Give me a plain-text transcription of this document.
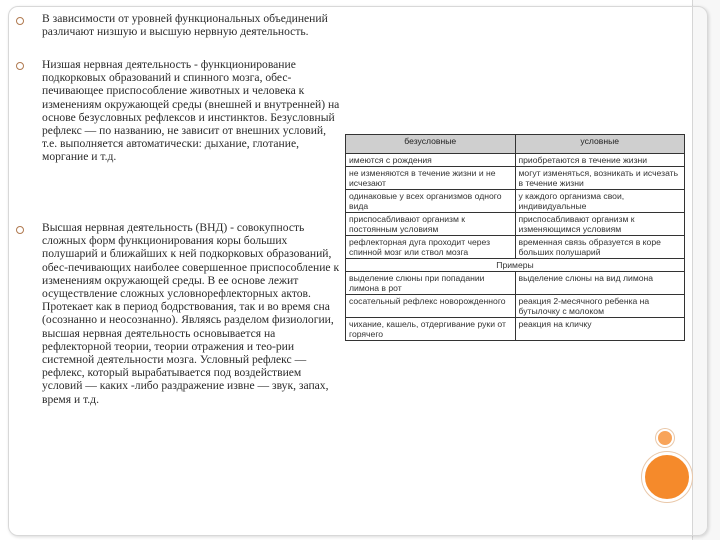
В зависимости от уровней функциональных объединений различают низшую и высшую нервную деятельность.
Низшая нервная деятельность - функционирование подкорковых образований и спинного мозга, обес-печивающее приспособление животных и человека к изменениям окружающей среды (внешней и внутренней) на основе безусловных рефлексов и инстинктов. Безусловный рефлекс — по названию, не зависит от внешних условий, т.е. выполняется автоматически: дыхание, глотание, моргание и т.д.
Высшая нервная деятельность (ВНД) - совокупность сложных форм функционирования коры больших полушарий и ближайших к ней подкорковых образований, обес-печивающих наиболее совершенное приспособление к изменениям окружающей среды. В ее основе лежит осуществление сложных условнорефлекторных актов. Протекает как в период бодрствования, так и во время сна (осознанно и неосознанно). Являясь разделом физиологии, высшая нервная деятельность основывается на рефлекторной теории, теории отражения и тео-рии системной деятельности мозга. Условный рефлекс — рефлекс, который вырабатывается под воздействием условий — каких -либо раздражение извне — звук, запах, время и т.д.
безусловные	условные
имеются с рождения	приобретаются в течение жизни
не изменяются в течение жизни и не исчезают	могут изменяться, возникать и исчезать в течение жизни
одинаковые у всех организмов одного вида	у каждого организма свои, индивидуальные
приспосабливают организм к постоянным условиям	приспосабливают организм к изменяющимся условиям
рефлекторная дуга проходит через спинной мозг или ствол мозга	временная связь образуется в коре больших полушарий
Примеры	
выделение слюны при попадании лимона в рот	выделение слюны на вид лимона
сосательный рефлекс новорожденного	реакция 2-месячного ребенка на бутылочку с молоком
чихание, кашель, отдергивание руки от горячего	реакция на кличку
